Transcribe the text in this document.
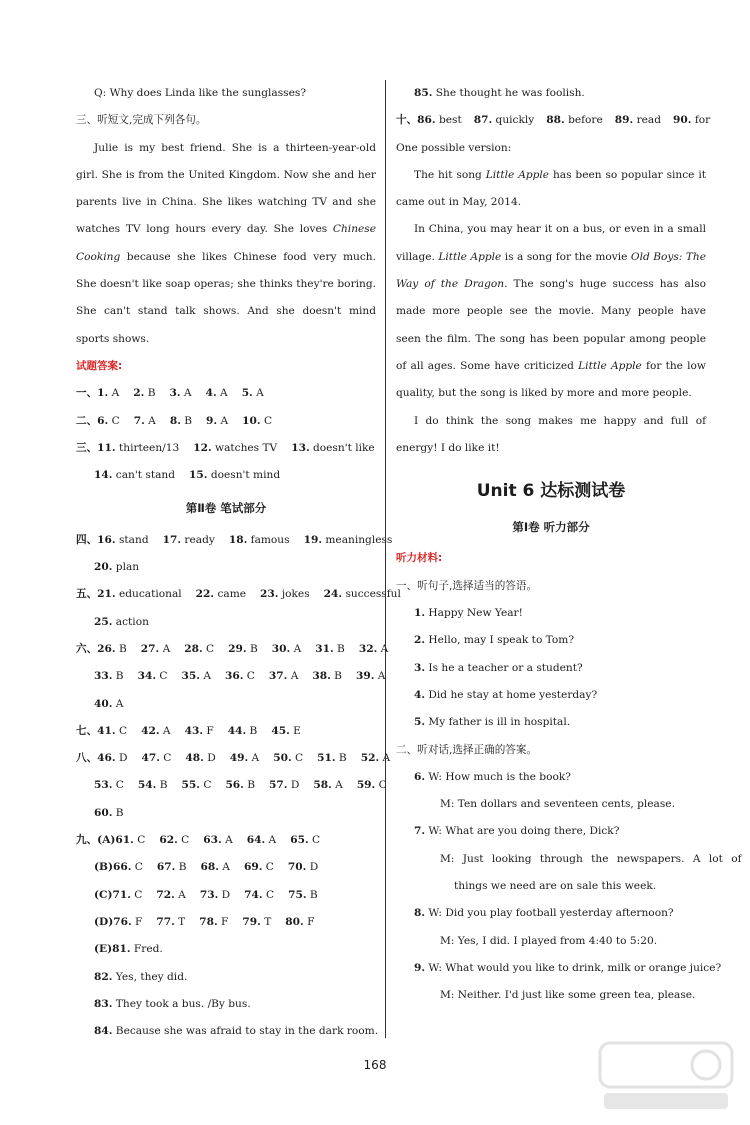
Q: Why does Linda like the sunglasses?
三、听短文,完成下列各句。
Julie is my best friend. She is a thirteen-year-old girl. She is from the United Kingdom. Now she and her parents live in China. She likes watching TV and she watches TV long hours every day. She loves Chinese Cooking because she likes Chinese food very much. She doesn't like soap operas; she thinks they're boring. She can't stand talk shows. And she doesn't mind sports shows.
试题答案:
一、1. A 2. B 3. A 4. A 5. A
二、6. C 7. A 8. B 9. A 10. C
三、11. thirteen/13 12. watches TV 13. doesn't like
14. can't stand 15. doesn't mind
第Ⅱ卷 笔试部分
四、16. stand 17. ready 18. famous 19. meaningless
20. plan
五、21. educational 22. came 23. jokes 24. successful
25. action
六、26. B 27. A 28. C 29. B 30. A 31. B 32. A
33. B 34. C 35. A 36. C 37. A 38. B 39. A
40. A
七、41. C 42. A 43. F 44. B 45. E
八、46. D 47. C 48. D 49. A 50. C 51. B 52. A
53. C 54. B 55. C 56. B 57. D 58. A 59. C
60. B
九、(A)61. C 62. C 63. A 64. A 65. C
(B)66. C 67. B 68. A 69. C 70. D
(C)71. C 72. A 73. D 74. C 75. B
(D)76. F 77. T 78. F 79. T 80. F
(E)81. Fred.
82. Yes, they did.
83. They took a bus. /By bus.
84. Because she was afraid to stay in the dark room.
85. She thought he was foolish.
十、86. best 87. quickly 88. before 89. read 90. for
One possible version:
The hit song Little Apple has been so popular since it came out in May, 2014.
In China, you may hear it on a bus, or even in a small village. Little Apple is a song for the movie Old Boys: The Way of the Dragon. The song's huge success has also made more people see the movie. Many people have seen the film. The song has been popular among people of all ages. Some have criticized Little Apple for the low quality, but the song is liked by more and more people.
I do think the song makes me happy and full of energy! I do like it!
Unit 6 达标测试卷
第Ⅰ卷 听力部分
听力材料:
一、听句子,选择适当的答语。
1. Happy New Year!
2. Hello, may I speak to Tom?
3. Is he a teacher or a student?
4. Did he stay at home yesterday?
5. My father is ill in hospital.
二、听对话,选择正确的答案。
6. W: How much is the book?
M: Ten dollars and seventeen cents, please.
7. W: What are you doing there, Dick?
M: Just looking through the newspapers. A lot of
things we need are on sale this week.
8. W: Did you play football yesterday afternoon?
M: Yes, I did. I played from 4:40 to 5:20.
9. W: What would you like to drink, milk or orange juice?
M: Neither. I'd just like some green tea, please.
168
